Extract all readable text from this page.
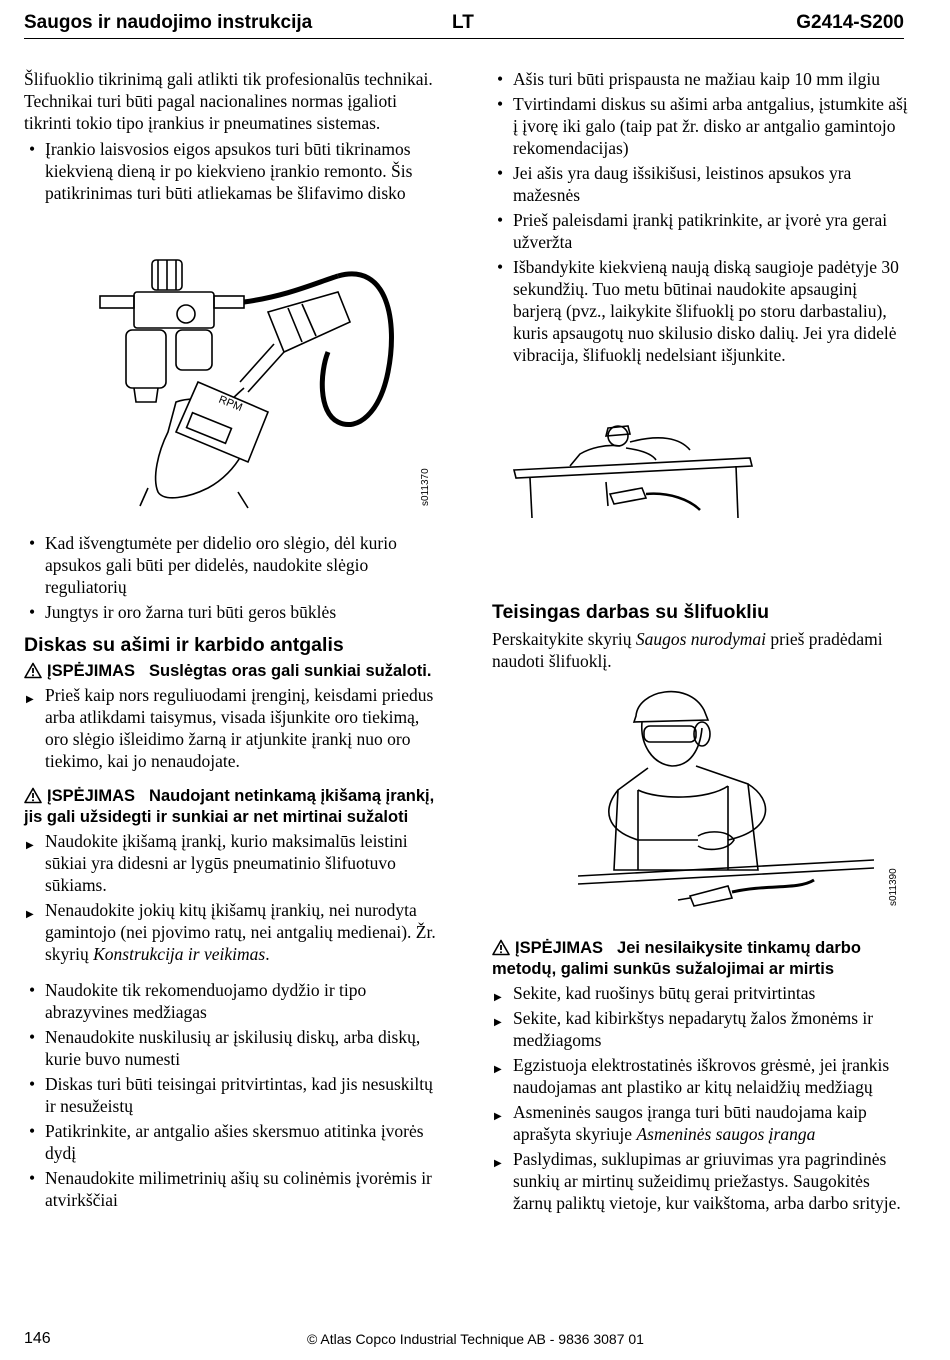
Saugos ir naudojimo instrukcija	LT	G2414-S200

Šlifuoklio tikrinimą gali atlikti tik profesionalūs technikai. Technikai turi būti pagal nacionalines normas įgalioti tikrinti tokio tipo įrankius ir pneumatines sistemas.

• Įrankio laisvosios eigos apsukos turi būti tikrinamos kiekvieną dieną ir po kiekvieno įrankio remonto. Šis patikrinimas turi būti atliekamas be šlifavimo disko
RPM
s011370
• Kad išvengtumėte per didelio oro slėgio, dėl kurio apsukos gali būti per didelės, naudokite slėgio reguliatorių
• Jungtys ir oro žarna turi būti geros būklės
Diskas su ašimi ir karbido antgalis
ĮSPĖJIMAS Suslėgtas oras gali sunkiai sužaloti.
▶ Prieš kaip nors reguliuodami įrenginį, keisdami priedus arba atlikdami taisymus, visada išjunkite oro tiekimą, oro slėgio išleidimo žarną ir atjunkite įrankį nuo oro tiekimo, kai jo nenaudojate.
ĮSPĖJIMAS Naudojant netinkamą įkišamą įrankį, jis gali užsidegti ir sunkiai ar net mirtinai sužaloti
▶ Naudokite įkišamą įrankį, kurio maksimalūs leistini sūkiai yra didesni ar lygūs pneumatinio šlifuotuvo sūkiams.
▶ Nenaudokite jokių kitų įkišamų įrankių, nei nurodyta gamintojo (nei pjovimo ratų, nei antgalių medienai). Žr. skyrių Konstrukcija ir veikimas.
• Naudokite tik rekomenduojamo dydžio ir tipo abrazyvines medžiagas
• Nenaudokite nuskilusių ar įskilusių diskų, arba diskų, kurie buvo numesti
• Diskas turi būti teisingai pritvirtintas, kad jis nesuskiltų ir nesužeistų
• Patikrinkite, ar antgalio ašies skersmuo atitinka įvorės dydį
• Nenaudokite milimetrinių ašių su colinėmis įvorėmis ir atvirkščiai
• Ašis turi būti prispausta ne mažiau kaip 10 mm ilgiu
• Tvirtindami diskus su ašimi arba antgalius, įstumkite ašį į įvorę iki galo (taip pat žr. disko ar antgalio gamintojo rekomendacijas)
• Jei ašis yra daug išsikišusi, leistinos apsukos yra mažesnės
• Prieš paleisdami įrankį patikrinkite, ar įvorė yra gerai užveržta
• Išbandykite kiekvieną naują diską saugioje padėtyje 30 sekundžių. Tuo metu būtinai naudokite apsauginį barjerą (pvz., laikykite šlifuoklį po storu darbastaliu), kuris apsaugotų nuo skilusio disko dalių. Jei yra didelė vibracija, šlifuoklį nedelsiant išjunkite.
Teisingas darbas su šlifuokliu

Perskaitykite skyrių Saugos nurodymai prieš pradėdami naudoti šlifuoklį.

s011390
ĮSPĖJIMAS Jei nesilaikysite tinkamų darbo metodų, galimi sunkūs sužalojimai ar mirtis
▶ Sekite, kad ruošinys būtų gerai pritvirtintas
▶ Sekite, kad kibirkštys nepadarytų žalos žmonėms ir medžiagoms
▶ Egzistuoja elektrostatinės iškrovos grėsmė, jei įrankis naudojamas ant plastiko ar kitų nelaidžių medžiagų
▶ Asmeninės saugos įranga turi būti naudojama kaip aprašyta skyriuje Asmeninės saugos įranga
▶ Paslydimas, suklupimas ar griuvimas yra pagrindinės sunkių ar mirtinų sužeidimų priežastys. Saugokitės žarnų paliktų vietoje, kur vaikštoma, arba darbo srityje.
146	© Atlas Copco Industrial Technique AB - 9836 3087 01
